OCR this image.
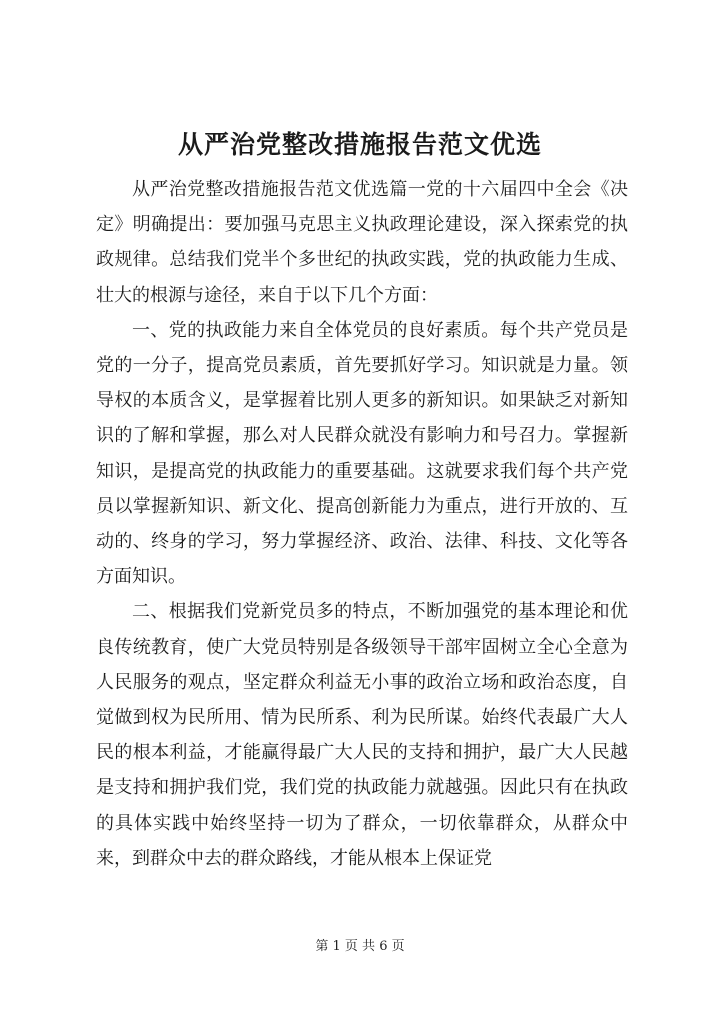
从严治党整改措施报告范文优选

从严治党整改措施报告范文优选篇一党的十六届四中全会《决定》明确提出：要加强马克思主义执政理论建设，深入探索党的执政规律。总结我们党半个多世纪的执政实践，党的执政能力生成、壮大的根源与途径，来自于以下几个方面：

一、党的执政能力来自全体党员的良好素质。每个共产党员是党的一分子，提高党员素质，首先要抓好学习。知识就是力量。领导权的本质含义，是掌握着比别人更多的新知识。如果缺乏对新知识的了解和掌握，那么对人民群众就没有影响力和号召力。掌握新知识，是提高党的执政能力的重要基础。这就要求我们每个共产党员以掌握新知识、新文化、提高创新能力为重点，进行开放的、互动的、终身的学习，努力掌握经济、政治、法律、科技、文化等各方面知识。

二、根据我们党新党员多的特点，不断加强党的基本理论和优良传统教育，使广大党员特别是各级领导干部牢固树立全心全意为人民服务的观点，坚定群众利益无小事的政治立场和政治态度，自觉做到权为民所用、情为民所系、利为民所谋。始终代表最广大人民的根本利益，才能赢得最广大人民的支持和拥护，最广大人民越是支持和拥护我们党，我们党的执政能力就越强。因此只有在执政的具体实践中始终坚持一切为了群众，一切依靠群众，从群众中来，到群众中去的群众路线，才能从根本上保证党

第 1 页 共 6 页
